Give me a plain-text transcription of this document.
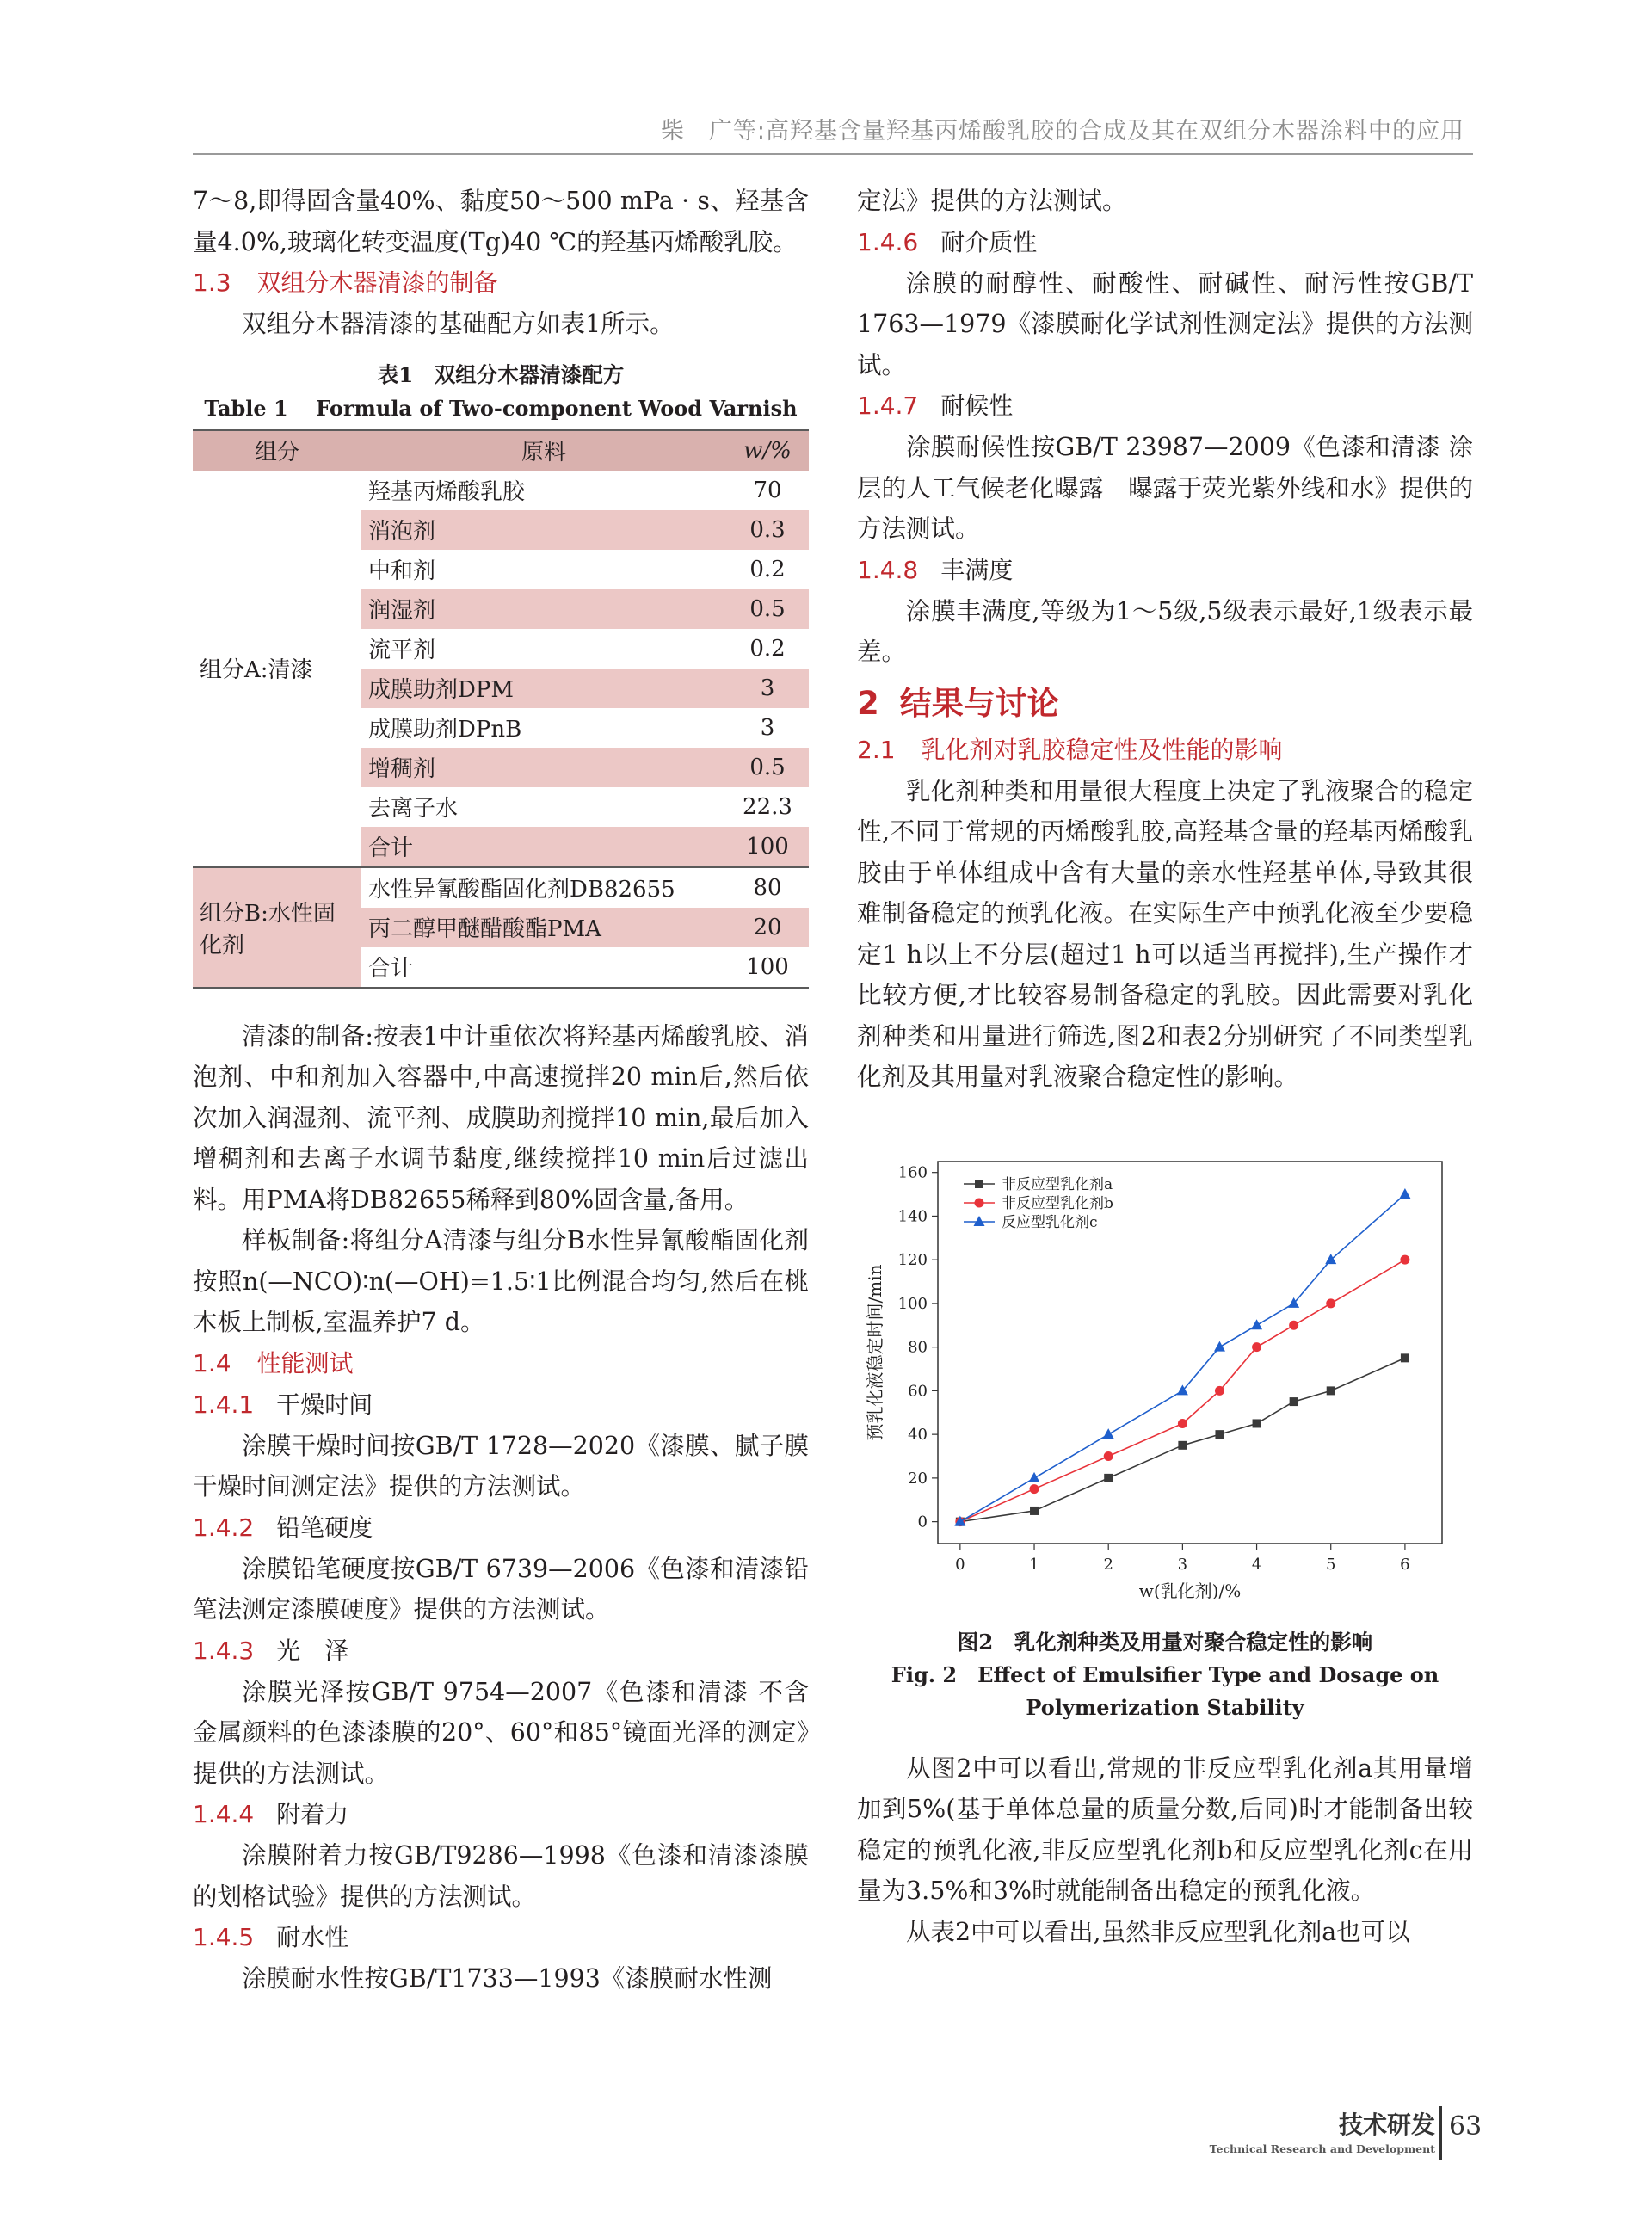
柴　广等:高羟基含量羟基丙烯酸乳胶的合成及其在双组分木器涂料中的应用

7～8,即得固含量40%、黏度50～500 mPa · s、羟基含量4.0%,玻璃化转变温度(Tg)40 ℃的羟基丙烯酸乳胶。

1.3 双组分木器清漆的制备

双组分木器清漆的基础配方如表1所示。

表1　双组分木器清漆配方
Table 1　 Formula of Two-component Wood Varnish
组分	原料	w/%
组分A:清漆	羟基丙烯酸乳胶	70
	消泡剂	0.3
	中和剂	0.2
	润湿剂	0.5
	流平剂	0.2
	成膜助剂DPM	3
	成膜助剂DPnB	3
	增稠剂	0.5
	去离子水	22.3
	合计	100
组分B:水性固化剂	水性异氰酸酯固化剂DB82655	80
	丙二醇甲醚醋酸酯PMA	20
	合计	100

清漆的制备:按表1中计重依次将羟基丙烯酸乳胶、消泡剂、中和剂加入容器中,中高速搅拌20 min后,然后依次加入润湿剂、流平剂、成膜助剂搅拌10 min,最后加入增稠剂和去离子水调节黏度,继续搅拌10 min后过滤出料。用PMA将DB82655稀释到80%固含量,备用。

样板制备:将组分A清漆与组分B水性异氰酸酯固化剂按照n(—NCO)∶n(—OH)=1.5∶1比例混合均匀,然后在桃木板上制板,室温养护7 d。

1.4 性能测试
1.4.1 干燥时间

涂膜干燥时间按GB/T 1728—2020《漆膜、腻子膜干燥时间测定法》提供的方法测试。

1.4.2 铅笔硬度

涂膜铅笔硬度按GB/T 6739—2006《色漆和清漆铅笔法测定漆膜硬度》提供的方法测试。

1.4.3 光　泽

涂膜光泽按GB/T 9754—2007《色漆和清漆 不含金属颜料的色漆漆膜的20°、60°和85°镜面光泽的测定》提供的方法测试。

1.4.4 附着力

涂膜附着力按GB/T9286—1998《色漆和清漆漆膜的划格试验》提供的方法测试。

1.4.5 耐水性

涂膜耐水性按GB/T1733—1993《漆膜耐水性测

定法》提供的方法测试。

1.4.6 耐介质性

涂膜的耐醇性、耐酸性、耐碱性、耐污性按GB/T 1763—1979《漆膜耐化学试剂性测定法》提供的方法测试。

1.4.7 耐候性

涂膜耐候性按GB/T 23987—2009《色漆和清漆 涂层的人工气候老化曝露　曝露于荧光紫外线和水》提供的方法测试。

1.4.8 丰满度

涂膜丰满度,等级为1～5级,5级表示最好,1级表示最差。

2 结果与讨论
2.1 乳化剂对乳胶稳定性及性能的影响

乳化剂种类和用量很大程度上决定了乳液聚合的稳定性,不同于常规的丙烯酸乳胶,高羟基含量的羟基丙烯酸乳胶由于单体组成中含有大量的亲水性羟基单体,导致其很难制备稳定的预乳化液。在实际生产中预乳化液至少要稳定1 h以上不分层(超过1 h可以适当再搅拌),生产操作才比较方便,才比较容易制备稳定的乳胶。因此需要对乳化剂种类和用量进行筛选,图2和表2分别研究了不同类型乳化剂及其用量对乳液聚合稳定性的影响。

0
20
40
60
80
100
120
140
160
0	1	2	3	4	5	6
w(乳化剂)/%
预乳化液稳定时间/min
非反应型乳化剂a
非反应型乳化剂b
反应型乳化剂c
图2　乳化剂种类及用量对聚合稳定性的影响
Fig. 2　Effect of Emulsifier Type and Dosage on
Polymerization Stability

从图2中可以看出,常规的非反应型乳化剂a其用量增加到5%(基于单体总量的质量分数,后同)时才能制备出较稳定的预乳化液,非反应型乳化剂b和反应型乳化剂c在用量为3.5%和3%时就能制备出稳定的预乳化液。

从表2中可以看出,虽然非反应型乳化剂a也可以

技术研发
Technical Research and Development
63
